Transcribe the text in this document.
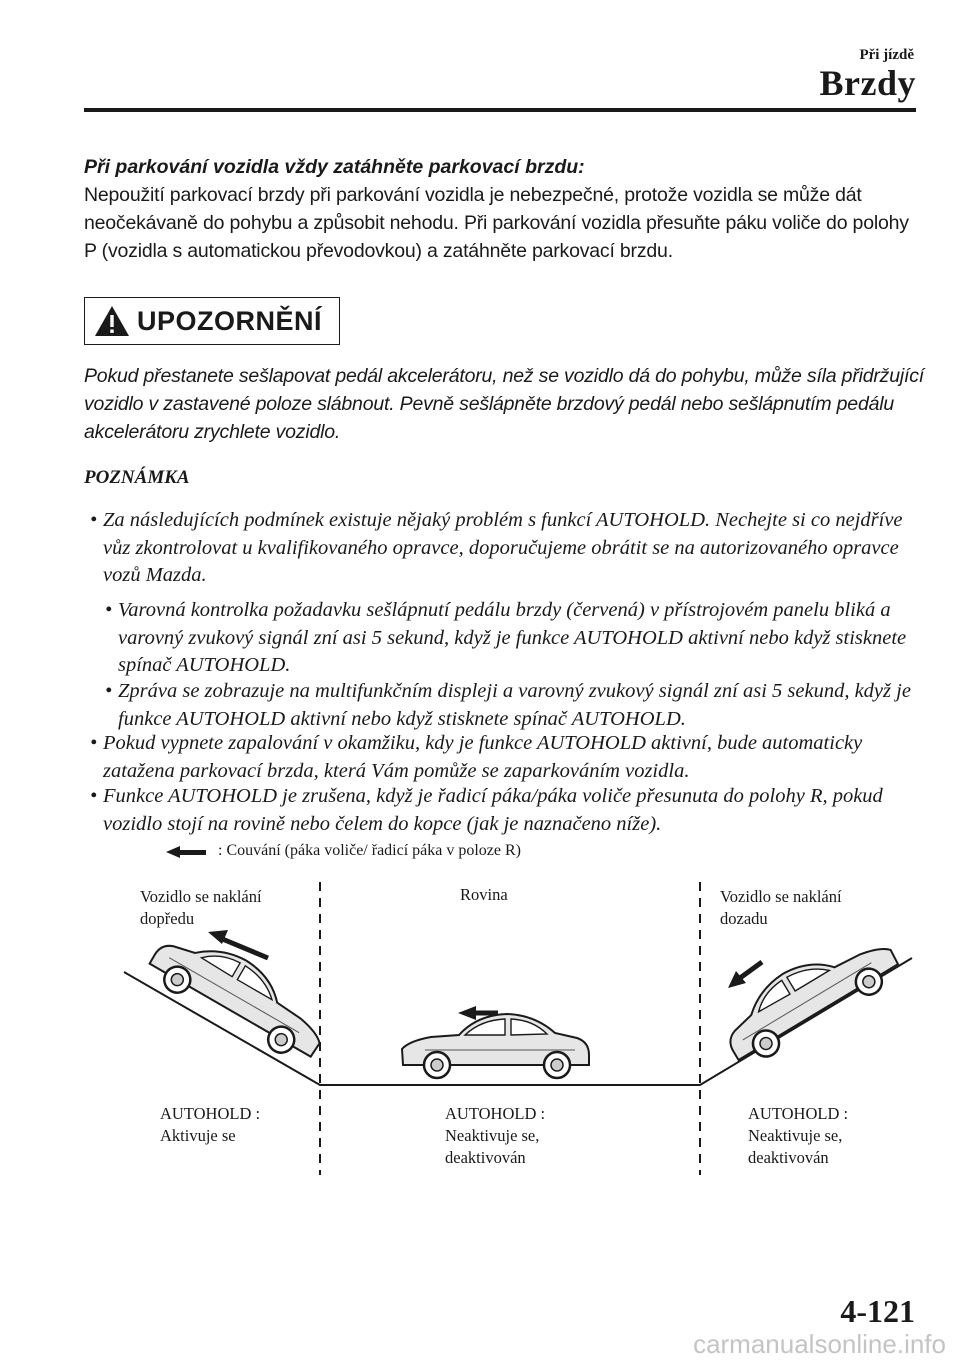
Při jízdě
Brzdy
Při parkování vozidla vždy zatáhněte parkovací brzdu:
Nepoužití parkovací brzdy při parkování vozidla je nebezpečné, protože vozidla se může dát neočekávaně do pohybu a způsobit nehodu. Při parkování vozidla přesuňte páku voliče do polohy P (vozidla s automatickou převodovkou) a zatáhněte parkovací brzdu.
UPOZORNĚNÍ
Pokud přestanete sešlapovat pedál akcelerátoru, než se vozidlo dá do pohybu, může síla přidržující vozidlo v zastavené poloze slábnout. Pevně sešlápněte brzdový pedál nebo sešlápnutím pedálu akcelerátoru zrychlete vozidlo.
POZNÁMKA
• Za následujících podmínek existuje nějaký problém s funkcí AUTOHOLD. Nechejte si co nejdříve vůz zkontrolovat u kvalifikovaného opravce, doporučujeme obrátit se na autorizovaného opravce vozů Mazda.
• Varovná kontrolka požadavku sešlápnutí pedálu brzdy (červená) v přístrojovém panelu bliká a varovný zvukový signál zní asi 5 sekund, když je funkce AUTOHOLD aktivní nebo když stisknete spínač AUTOHOLD.
• Zpráva se zobrazuje na multifunkčním displeji a varovný zvukový signál zní asi 5 sekund, když je funkce AUTOHOLD aktivní nebo když stisknete spínač AUTOHOLD.
• Pokud vypnete zapalování v okamžiku, kdy je funkce AUTOHOLD aktivní, bude automaticky zatažena parkovací brzda, která Vám pomůže se zaparkováním vozidla.
• Funkce AUTOHOLD je zrušena, když je řadicí páka/páka voliče přesunuta do polohy R, pokud vozidlo stojí na rovině nebo čelem do kopce (jak je naznačeno níže).
: Couvání (páka voliče/ řadicí páka v poloze R)
Vozidlo se naklání
dopředu
Rovina	Vozidlo se naklání
dozadu
AUTOHOLD :
Aktivuje se
AUTOHOLD :
Neaktivuje se,
deaktivován
AUTOHOLD :
Neaktivuje se,
deaktivován
4-121
carmanualsonline.info
